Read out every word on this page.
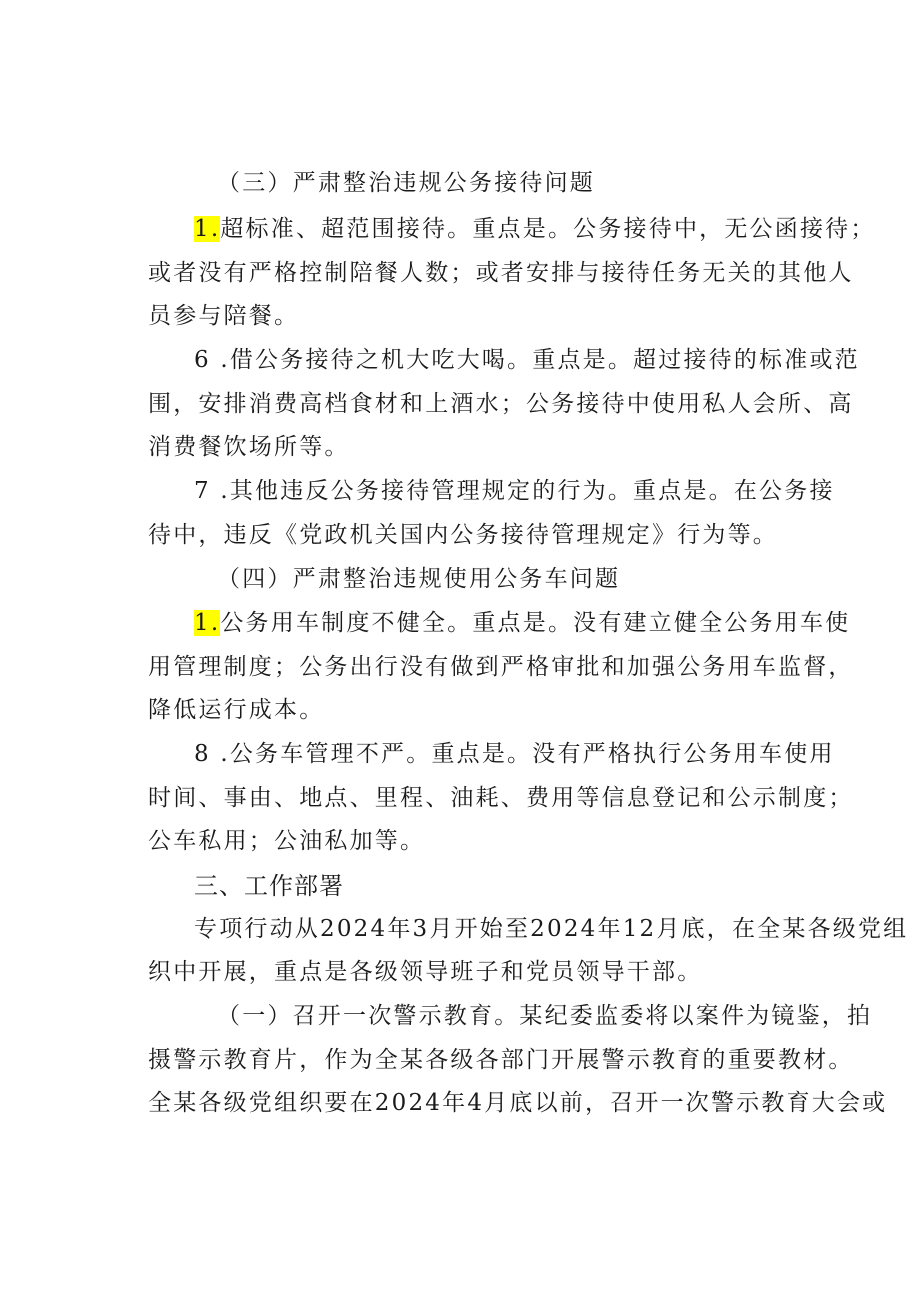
（三）严肃整治违规公务接待问题
1.超标准、超范围接待。重点是。公务接待中，无公函接待；
或者没有严格控制陪餐人数；或者安排与接待任务无关的其他人
员参与陪餐。
6 .借公务接待之机大吃大喝。重点是。超过接待的标准或范
围，安排消费高档食材和上酒水；公务接待中使用私人会所、高
消费餐饮场所等。
7 .其他违反公务接待管理规定的行为。重点是。在公务接
待中，违反《党政机关国内公务接待管理规定》行为等。
（四）严肃整治违规使用公务车问题
1.公务用车制度不健全。重点是。没有建立健全公务用车使
用管理制度；公务出行没有做到严格审批和加强公务用车监督，
降低运行成本。
8 .公务车管理不严。重点是。没有严格执行公务用车使用
时间、事由、地点、里程、油耗、费用等信息登记和公示制度；
公车私用；公油私加等。
三、工作部署
专项行动从2024年3月开始至2024年12月底，在全某各级党组
织中开展，重点是各级领导班子和党员领导干部。
（一）召开一次警示教育。某纪委监委将以案件为镜鉴，拍
摄警示教育片，作为全某各级各部门开展警示教育的重要教材。
全某各级党组织要在2024年4月底以前，召开一次警示教育大会或
